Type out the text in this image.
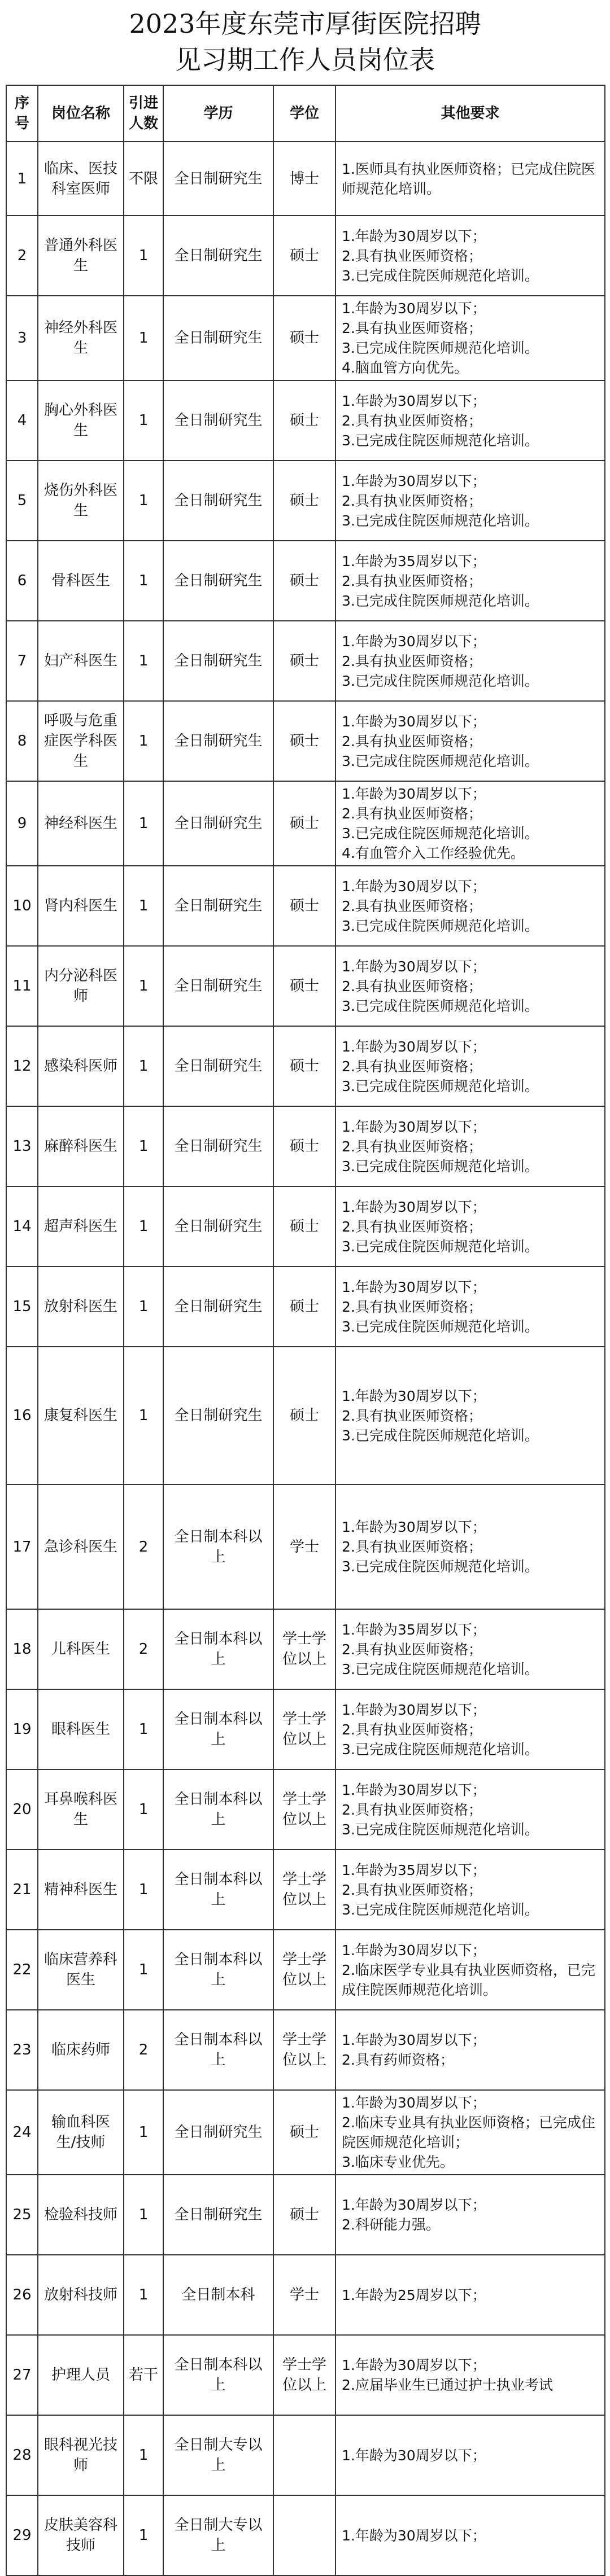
2023年度东莞市厚街医院招聘
见习期工作人员岗位表
序号	岗位名称	引进人数	学历	学位	其他要求
1	临床、医技科室医师	不限	全日制研究生	博士	1.医师具有执业医师资格；已完成住院医师规范化培训。

2	普通外科医生	1	全日制研究生	硕士	1.年龄为30周岁以下；
2.具有执业医师资格；
3.已完成住院医师规范化培训。

3	神经外科医生	1	全日制研究生	硕士	1.年龄为30周岁以下；
2.具有执业医师资格；
3.已完成住院医师规范化培训。
4.脑血管方向优先。

4	胸心外科医生	1	全日制研究生	硕士	1.年龄为30周岁以下；
2.具有执业医师资格；
3.已完成住院医师规范化培训。

5	烧伤外科医生	1	全日制研究生	硕士	1.年龄为30周岁以下；
2.具有执业医师资格；
3.已完成住院医师规范化培训。

6	骨科医生	1	全日制研究生	硕士	1.年龄为35周岁以下；
2.具有执业医师资格；
3.已完成住院医师规范化培训。

7	妇产科医生	1	全日制研究生	硕士	1.年龄为30周岁以下；
2.具有执业医师资格；
3.已完成住院医师规范化培训。

8	呼吸与危重症医学科医生	1	全日制研究生	硕士	1.年龄为30周岁以下；
2.具有执业医师资格；
3.已完成住院医师规范化培训。

9	神经科医生	1	全日制研究生	硕士	1.年龄为30周岁以下；
2.具有执业医师资格；
3.已完成住院医师规范化培训。
4.有血管介入工作经验优先。

10	肾内科医生	1	全日制研究生	硕士	1.年龄为30周岁以下；
2.具有执业医师资格；
3.已完成住院医师规范化培训。

11	内分泌科医师	1	全日制研究生	硕士	1.年龄为30周岁以下；
2.具有执业医师资格；
3.已完成住院医师规范化培训。

12	感染科医师	1	全日制研究生	硕士	1.年龄为30周岁以下；
2.具有执业医师资格；
3.已完成住院医师规范化培训。

13	麻醉科医生	1	全日制研究生	硕士	1.年龄为30周岁以下；
2.具有执业医师资格；
3.已完成住院医师规范化培训。

14	超声科医生	1	全日制研究生	硕士	1.年龄为30周岁以下；
2.具有执业医师资格；
3.已完成住院医师规范化培训。

15	放射科医生	1	全日制研究生	硕士	1.年龄为30周岁以下；
2.具有执业医师资格；
3.已完成住院医师规范化培训。

16	康复科医生	1	全日制研究生	硕士	1.年龄为30周岁以下；
2.具有执业医师资格；
3.已完成住院医师规范化培训。

17	急诊科医生	2	全日制本科以上	学士	1.年龄为30周岁以下；
2.具有执业医师资格；
3.已完成住院医师规范化培训。

18	儿科医生	2	全日制本科以上	学士学位以上	1.年龄为35周岁以下；
2.具有执业医师资格；
3.已完成住院医师规范化培训。

19	眼科医生	1	全日制本科以上	学士学位以上	1.年龄为30周岁以下；
2.具有执业医师资格；
3.已完成住院医师规范化培训。

20	耳鼻喉科医生	1	全日制本科以上	学士学位以上	1.年龄为30周岁以下；
2.具有执业医师资格；
3.已完成住院医师规范化培训。

21	精神科医生	1	全日制本科以上	学士学位以上	1.年龄为35周岁以下；
2.具有执业医师资格；
3.已完成住院医师规范化培训。

22	临床营养科医生	1	全日制本科以上	学士学位以上	1.年龄为30周岁以下；
2.临床医学专业具有执业医师资格，已完成住院医师规范化培训。

23	临床药师	2	全日制本科以上	学士学位以上	1.年龄为30周岁以下；
2.具有药师资格；

24	输血科医生/技师	1	全日制研究生	硕士	1.年龄为30周岁以下；
2.临床专业具有执业医师资格；已完成住院医师规范化培训；
3.临床专业优先。

25	检验科技师	1	全日制研究生	硕士	1.年龄为30周岁以下；
2.科研能力强。

26	放射科技师	1	全日制本科	学士	1.年龄为25周岁以下；

27	护理人员	若干	全日制本科以上	学士学位以上	1.年龄为30周岁以下；
2.应届毕业生已通过护士执业考试

28	眼科视光技师	1	全日制大专以上		1.年龄为30周岁以下；

29	皮肤美容科技师	1	全日制大专以上		1.年龄为30周岁以下；
